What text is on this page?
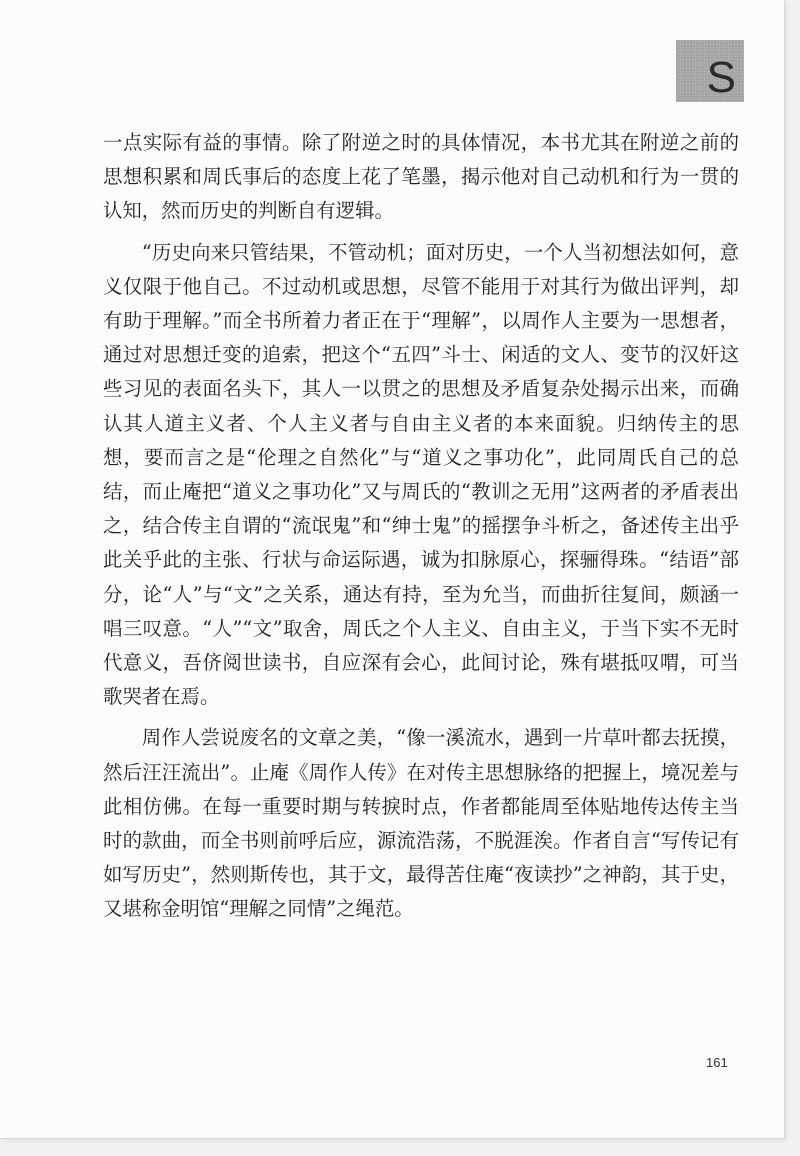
S

一点实际有益的事情。除了附逆之时的具体情况，本书尤其在附逆之前的思想积累和周氏事后的态度上花了笔墨，揭示他对自己动机和行为一贯的认知，然而历史的判断自有逻辑。

“历史向来只管结果，不管动机；面对历史，一个人当初想法如何，意义仅限于他自己。不过动机或思想，尽管不能用于对其行为做出评判，却有助于理解。”而全书所着力者正在于“理解”，以周作人主要为一思想者，通过对思想迁变的追索，把这个“五四”斗士、闲适的文人、变节的汉奸这些习见的表面名头下，其人一以贯之的思想及矛盾复杂处揭示出来，而确认其人道主义者、个人主义者与自由主义者的本来面貌。归纳传主的思想，要而言之是“伦理之自然化”与“道义之事功化”，此同周氏自己的总结，而止庵把“道义之事功化”又与周氏的“教训之无用”这两者的矛盾表出之，结合传主自谓的“流氓鬼”和“绅士鬼”的摇摆争斗析之，备述传主出乎此关乎此的主张、行状与命运际遇，诚为扣脉原心，探骊得珠。“结语”部分，论“人”与“文”之关系，通达有持，至为允当，而曲折往复间，颇涵一唱三叹意。“人”“文”取舍，周氏之个人主义、自由主义，于当下实不无时代意义，吾侪阅世读书，自应深有会心，此间讨论，殊有堪抵叹喟，可当歌哭者在焉。

周作人尝说废名的文章之美，“像一溪流水，遇到一片草叶都去抚摸，然后汪汪流出”。止庵《周作人传》在对传主思想脉络的把握上，境况差与此相仿佛。在每一重要时期与转捩时点，作者都能周至体贴地传达传主当时的款曲，而全书则前呼后应，源流浩荡，不脱涯涘。作者自言“写传记有如写历史”，然则斯传也，其于文，最得苦住庵“夜读抄”之神韵，其于史，又堪称金明馆“理解之同情”之绳范。

161
